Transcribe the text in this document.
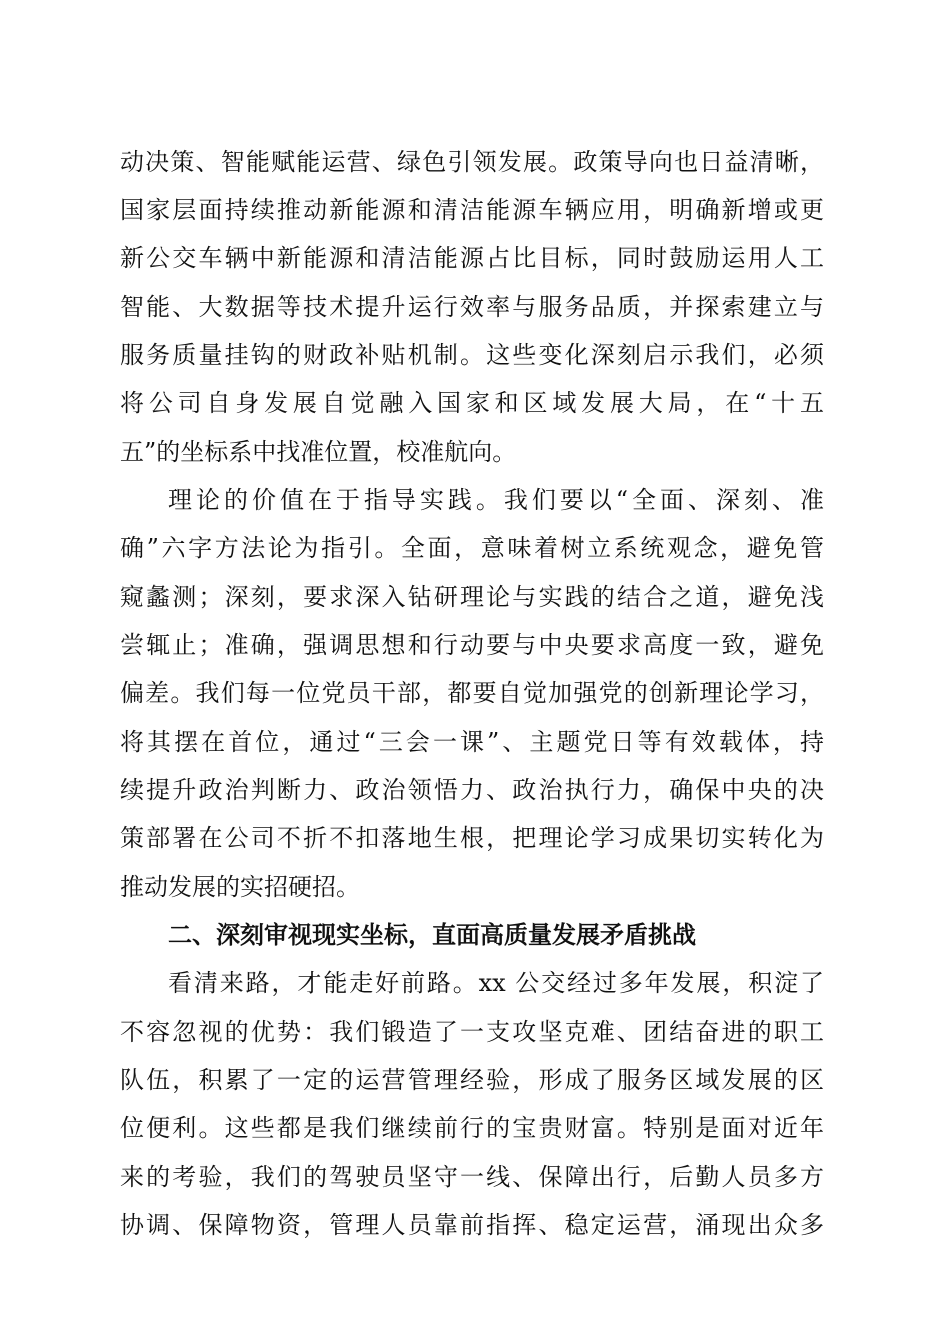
动决策、智能赋能运营、绿色引领发展。政策导向也日益清晰，
国家层面持续推动新能源和清洁能源车辆应用，明确新增或更
新公交车辆中新能源和清洁能源占比目标，同时鼓励运用人工
智能、大数据等技术提升运行效率与服务品质，并探索建立与
服务质量挂钩的财政补贴机制。这些变化深刻启示我们，必须
将公司自身发展自觉融入国家和区域发展大局，在“十五
五”的坐标系中找准位置，校准航向。
理论的价值在于指导实践。我们要以“全面、深刻、准
确”六字方法论为指引。全面，意味着树立系统观念，避免管
窥蠡测；深刻，要求深入钻研理论与实践的结合之道，避免浅
尝辄止；准确，强调思想和行动要与中央要求高度一致，避免
偏差。我们每一位党员干部，都要自觉加强党的创新理论学习，
将其摆在首位，通过“三会一课”、主题党日等有效载体，持
续提升政治判断力、政治领悟力、政治执行力，确保中央的决
策部署在公司不折不扣落地生根，把理论学习成果切实转化为
推动发展的实招硬招。
二、深刻审视现实坐标，直面高质量发展矛盾挑战
看清来路，才能走好前路。xx 公交经过多年发展，积淀了
不容忽视的优势：我们锻造了一支攻坚克难、团结奋进的职工
队伍，积累了一定的运营管理经验，形成了服务区域发展的区
位便利。这些都是我们继续前行的宝贵财富。特别是面对近年
来的考验，我们的驾驶员坚守一线、保障出行，后勤人员多方
协调、保障物资，管理人员靠前指挥、稳定运营，涌现出众多
